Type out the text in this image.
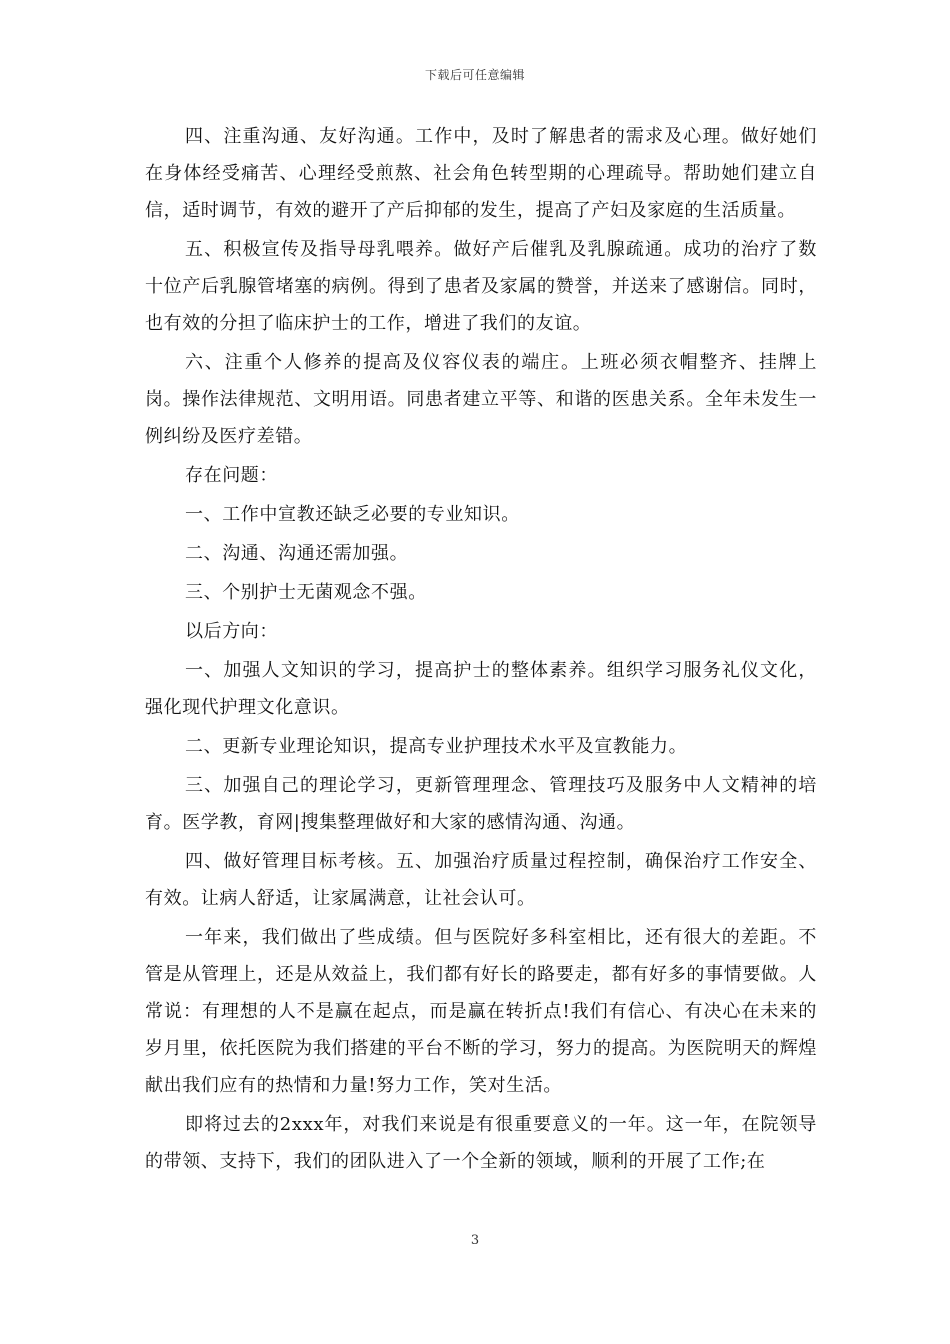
下载后可任意编辑

四、注重沟通、友好沟通。工作中，及时了解患者的需求及心理。做好她们在身体经受痛苦、心理经受煎熬、社会角色转型期的心理疏导。帮助她们建立自信，适时调节，有效的避开了产后抑郁的发生，提高了产妇及家庭的生活质量。

五、积极宣传及指导母乳喂养。做好产后催乳及乳腺疏通。成功的治疗了数十位产后乳腺管堵塞的病例。得到了患者及家属的赞誉，并送来了感谢信。同时，也有效的分担了临床护士的工作，增进了我们的友谊。

六、注重个人修养的提高及仪容仪表的端庄。上班必须衣帽整齐、挂牌上岗。操作法律规范、文明用语。同患者建立平等、和谐的医患关系。全年未发生一例纠纷及医疗差错。

存在问题：

一、工作中宣教还缺乏必要的专业知识。

二、沟通、沟通还需加强。

三、个别护士无菌观念不强。

以后方向：

一、加强人文知识的学习，提高护士的整体素养。组织学习服务礼仪文化，强化现代护理文化意识。

二、更新专业理论知识，提高专业护理技术水平及宣教能力。

三、加强自己的理论学习，更新管理理念、管理技巧及服务中人文精神的培育。医学教，育网|搜集整理做好和大家的感情沟通、沟通。

四、做好管理目标考核。五、加强治疗质量过程控制，确保治疗工作安全、有效。让病人舒适，让家属满意，让社会认可。

一年来，我们做出了些成绩。但与医院好多科室相比，还有很大的差距。不管是从管理上，还是从效益上，我们都有好长的路要走，都有好多的事情要做。人常说：有理想的人不是赢在起点，而是赢在转折点!我们有信心、有决心在未来的岁月里，依托医院为我们搭建的平台不断的学习，努力的提高。为医院明天的辉煌献出我们应有的热情和力量!努力工作，笑对生活。

即将过去的2xxx年，对我们来说是有很重要意义的一年。这一年，在院领导的带领、支持下，我们的团队进入了一个全新的领域，顺利的开展了工作;在

3
